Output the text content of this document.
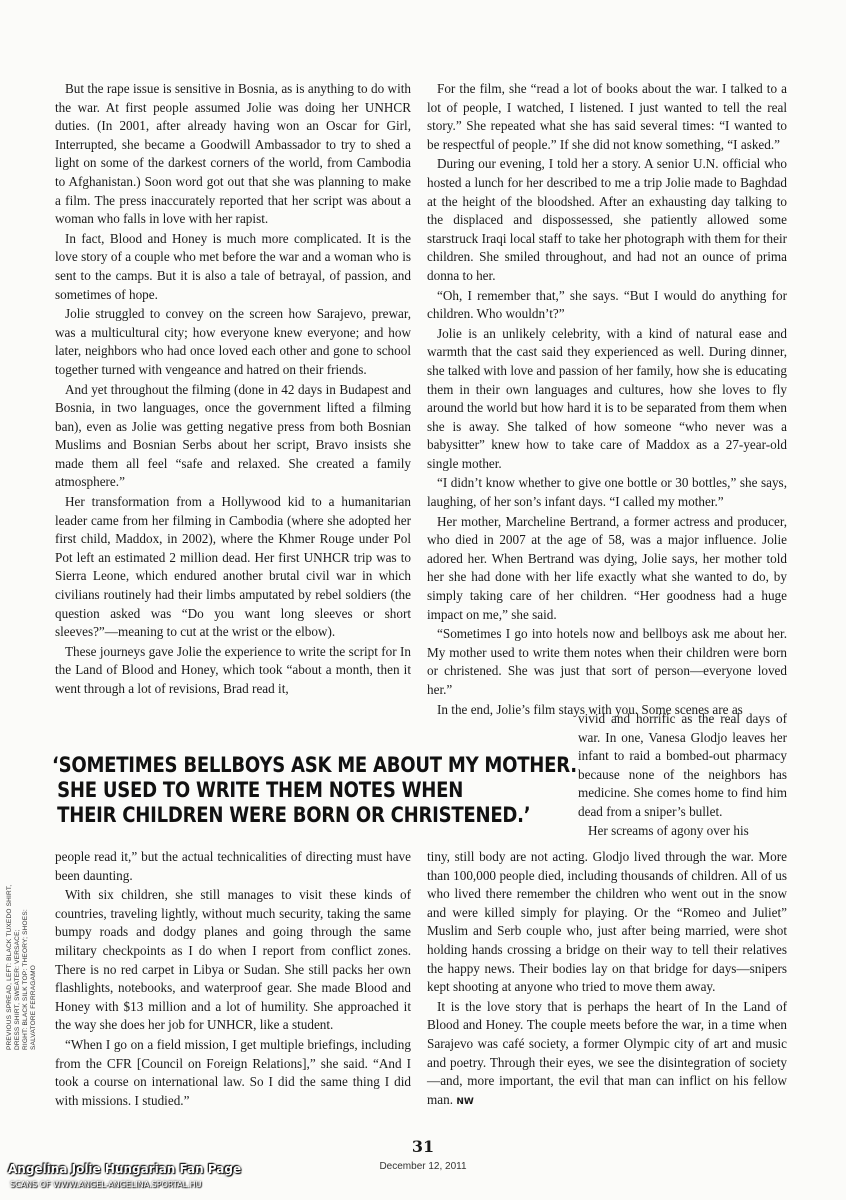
But the rape issue is sensitive in Bosnia, as is anything to do with the war. At first people assumed Jolie was doing her UNHCR duties. (In 2001, after already having won an Oscar for Girl, Interrupted, she became a Goodwill Ambassador to try to shed a light on some of the darkest corners of the world, from Cambodia to Afghanistan.) Soon word got out that she was planning to make a film. The press inaccurately reported that her script was about a woman who falls in love with her rapist.

In fact, Blood and Honey is much more complicated. It is the love story of a couple who met before the war and a woman who is sent to the camps. But it is also a tale of betrayal, of passion, and sometimes of hope.

Jolie struggled to convey on the screen how Sarajevo, prewar, was a multicultural city; how everyone knew everyone; and how later, neighbors who had once loved each other and gone to school together turned with vengeance and hatred on their friends.

And yet throughout the filming (done in 42 days in Budapest and Bosnia, in two languages, once the government lifted a filming ban), even as Jolie was getting negative press from both Bosnian Muslims and Bosnian Serbs about her script, Bravo insists she made them all feel “safe and relaxed. She created a family atmosphere.”

Her transformation from a Hollywood kid to a humanitarian leader came from her filming in Cambodia (where she adopted her first child, Maddox, in 2002), where the Khmer Rouge under Pol Pot left an estimated 2 million dead. Her first UNHCR trip was to Sierra Leone, which endured another brutal civil war in which civilians routinely had their limbs amputated by rebel soldiers (the question asked was “Do you want long sleeves or short sleeves?”—meaning to cut at the wrist or the elbow).

These journeys gave Jolie the experience to write the script for In the Land of Blood and Honey, which took “about a month, then it went through a lot of revisions, Brad read it,

For the film, she “read a lot of books about the war. I talked to a lot of people, I watched, I listened. I just wanted to tell the real story.” She repeated what she has said several times: “I wanted to be respectful of people.” If she did not know something, “I asked.”

During our evening, I told her a story. A senior U.N. official who hosted a lunch for her described to me a trip Jolie made to Baghdad at the height of the bloodshed. After an exhausting day talking to the displaced and dispossessed, she patiently allowed some starstruck Iraqi local staff to take her photograph with them for their children. She smiled throughout, and had not an ounce of prima donna to her.

“Oh, I remember that,” she says. “But I would do anything for children. Who wouldn’t?”

Jolie is an unlikely celebrity, with a kind of natural ease and warmth that the cast said they experienced as well. During dinner, she talked with love and passion of her family, how she is educating them in their own languages and cultures, how she loves to fly around the world but how hard it is to be separated from them when she is away. She talked of how someone “who never was a babysitter” knew how to take care of Maddox as a 27-year-old single mother.

“I didn’t know whether to give one bottle or 30 bottles,” she says, laughing, of her son’s infant days. “I called my mother.”

Her mother, Marcheline Bertrand, a former actress and producer, who died in 2007 at the age of 58, was a major influence. Jolie adored her. When Bertrand was dying, Jolie says, her mother told her she had done with her life exactly what she wanted to do, by simply taking care of her children. “Her goodness had a huge impact on me,” she said.

“Sometimes I go into hotels now and bellboys ask me about her. My mother used to write them notes when their children were born or christened. She was just that sort of person—everyone loved her.”

In the end, Jolie’s film stays with you. Some scenes are as

vivid and horrific as the real days of war. In one, Vanesa Glodjo leaves her infant to raid a bombed-out pharmacy because none of the neighbors has medicine. She comes home to find him dead from a sniper’s bullet.

Her screams of agony over his

‘SOMETIMES BELLBOYS ASK ME ABOUT MY MOTHER.
SHE USED TO WRITE THEM NOTES WHEN
THEIR CHILDREN WERE BORN OR CHRISTENED.’

people read it,” but the actual technicalities of directing must have been daunting.

With six children, she still manages to visit these kinds of countries, traveling lightly, without much security, taking the same bumpy roads and dodgy planes and going through the same military checkpoints as I do when I report from conflict zones. There is no red carpet in Libya or Sudan. She still packs her own flashlights, notebooks, and waterproof gear. She made Blood and Honey with $13 million and a lot of humility. She approached it the way she does her job for UNHCR, like a student.

“When I go on a field mission, I get multiple briefings, including from the CFR [Council on Foreign Relations],” she said. “And I took a course on international law. So I did the same thing I did with missions. I studied.”

tiny, still body are not acting. Glodjo lived through the war. More than 100,000 people died, including thousands of children. All of us who lived there remember the children who went out in the snow and were killed simply for playing. Or the “Romeo and Juliet” Muslim and Serb couple who, just after being married, were shot holding hands crossing a bridge on their way to tell their relatives the happy news. Their bodies lay on that bridge for days—snipers kept shooting at anyone who tried to move them away.

It is the love story that is perhaps the heart of In the Land of Blood and Honey. The couple meets before the war, in a time when Sarajevo was café society, a former Olympic city of art and music and poetry. Through their eyes, we see the disintegration of society—and, more important, the evil that man can inflict on his fellow man. NW

PREVIOUS SPREAD, LEFT: BLACK TUXEDO SHIRT, DRESS SHIRT, SWEATER: VERSACE; RIGHT: BLACK SILK TOP: THEORY; SHOES: SALVATORE FERRAGAMO
31
December 12, 2011
Angelina Jolie Hungarian Fan Page
SCANS OF WWW.ANGEL-ANGELINA.SPORTAL.HU
